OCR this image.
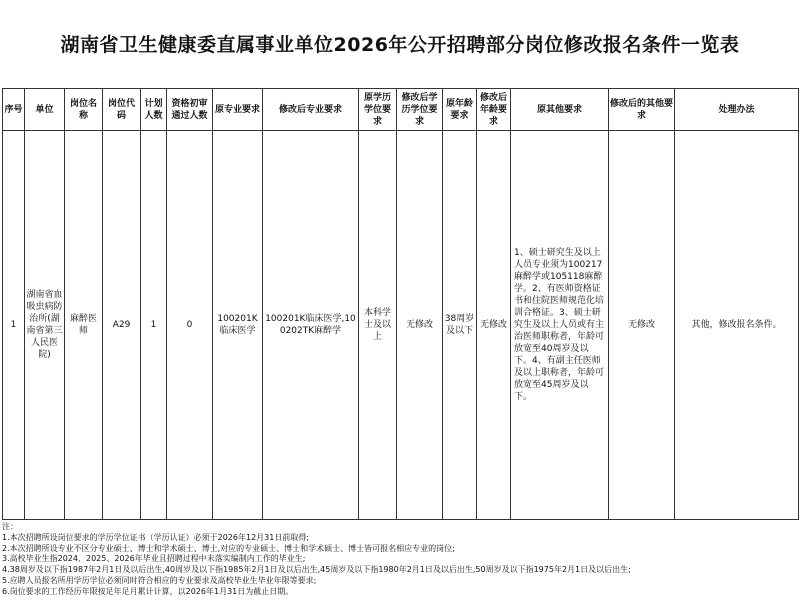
湖南省卫生健康委直属事业单位2026年公开招聘部分岗位修改报名条件一览表
序号	单位	岗位名称	岗位代码	计划人数	资格初审通过人数	原专业要求	修改后专业要求	原学历学位要求	修改后学历学位要求	原年龄要求	修改后年龄要求	原其他要求	修改后的其他要求	处理办法
1	湖南省血吸虫病防治所(湖南省第三人民医院)	麻醉医师	A29	1	0	100201K临床医学	100201K临床医学,100202TK麻醉学	本科学士及以上	无修改	38周岁及以下	无修改	1、硕士研究生及以上人员专业须为100217麻醉学或105118麻醉学。2、有医师资格证书和住院医师规范化培训合格证。3、硕士研究生及以上人员或有主治医师职称者，年龄可放宽至40周岁及以下。4、有副主任医师及以上职称者，年龄可放宽至45周岁及以下。	无修改	其他，修改报名条件。
注：
1.本次招聘所设岗位要求的学历学位证书（学历认证）必须于2026年12月31日前取得;
2.本次招聘所设专业不区分专业硕士、博士和学术硕士、博士,对应的专业硕士、博士和学术硕士、博士皆可报名相应专业的岗位;
3.高校毕业生指2024、2025、2026年毕业且招聘过程中未落实编制内工作的毕业生;
4.38周岁及以下指1987年2月1日及以后出生,40周岁及以下指1985年2月1日及以后出生,45周岁及以下指1980年2月1日及以后出生,50周岁及以下指1975年2月1日及以后出生;
5.应聘人员报名所用学历学位必须同时符合相应的专业要求及高校毕业生毕业年限等要求;
6.岗位要求的工作经历年限按足年足月累计计算，以2026年1月31日为截止日期。
